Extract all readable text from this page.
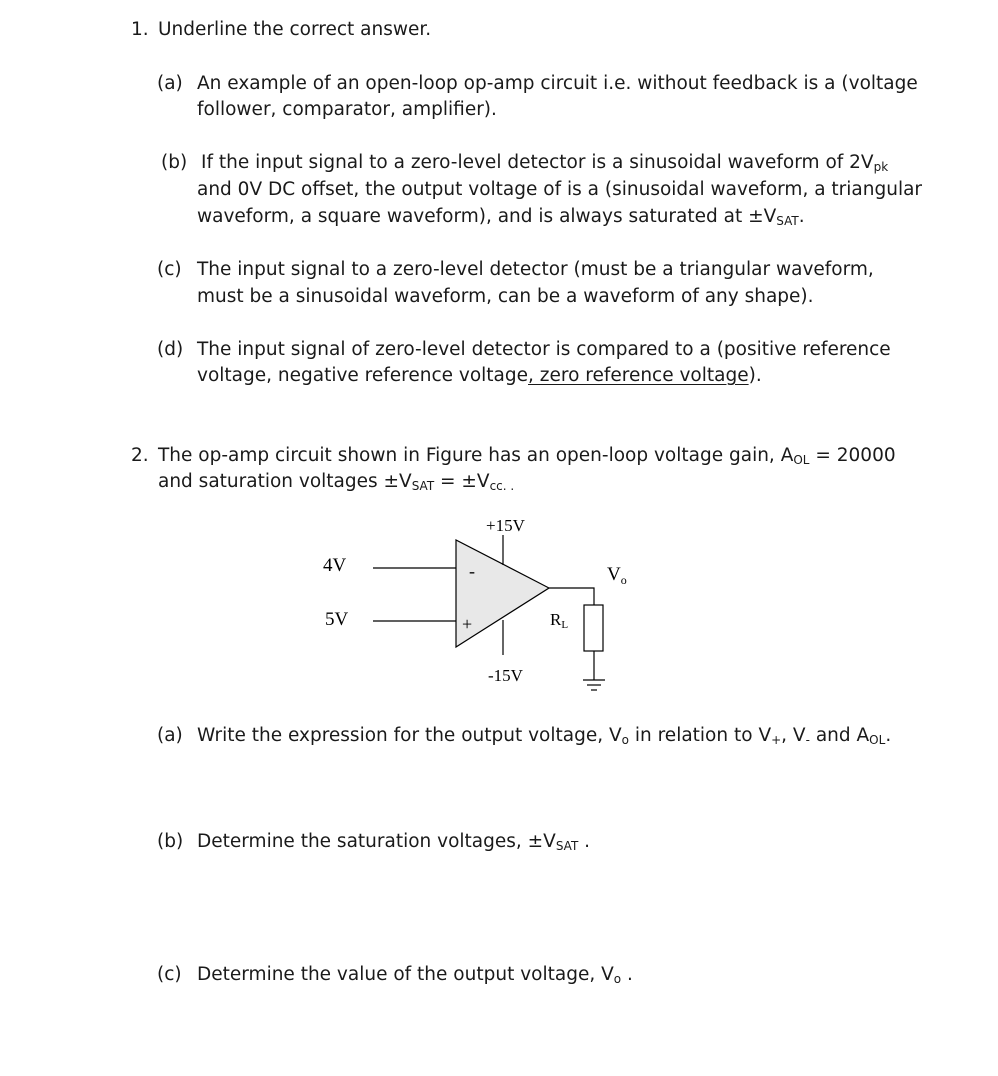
1. Underline the correct answer.
(a) An example of an open-loop op-amp circuit i.e. without feedback is a (voltage
follower, comparator, amplifier).
(b) If the input signal to a zero-level detector is a sinusoidal waveform of $2V_{pk}$
and 0V DC offset, the output voltage of is a (sinusoidal waveform, a triangular
waveform, a square waveform), and is always saturated at $\pm V_{SAT}$.
(c) The input signal to a zero-level detector (must be a triangular waveform,
must be a sinusoidal waveform, can be a waveform of any shape).
(d) The input signal of zero-level detector is compared to a (positive reference
voltage, negative reference voltage, zero reference voltage).
2. The op-amp circuit shown in Figure has an open-loop voltage gain, $A_{OL} = 20000$
and saturation voltages $\pm V_{SAT} = \pm V_{cc. .}$
+15V
-15V
4V
5V
-
+
$V_o$
RL
(a) Write the expression for the output voltage, $V_o$ in relation to $V_+$, $V_-$ and $A_{OL}$.
(b) Determine the saturation voltages, $\pm V_{SAT}$ .
(c) Determine the value of the output voltage, $V_o$ .
